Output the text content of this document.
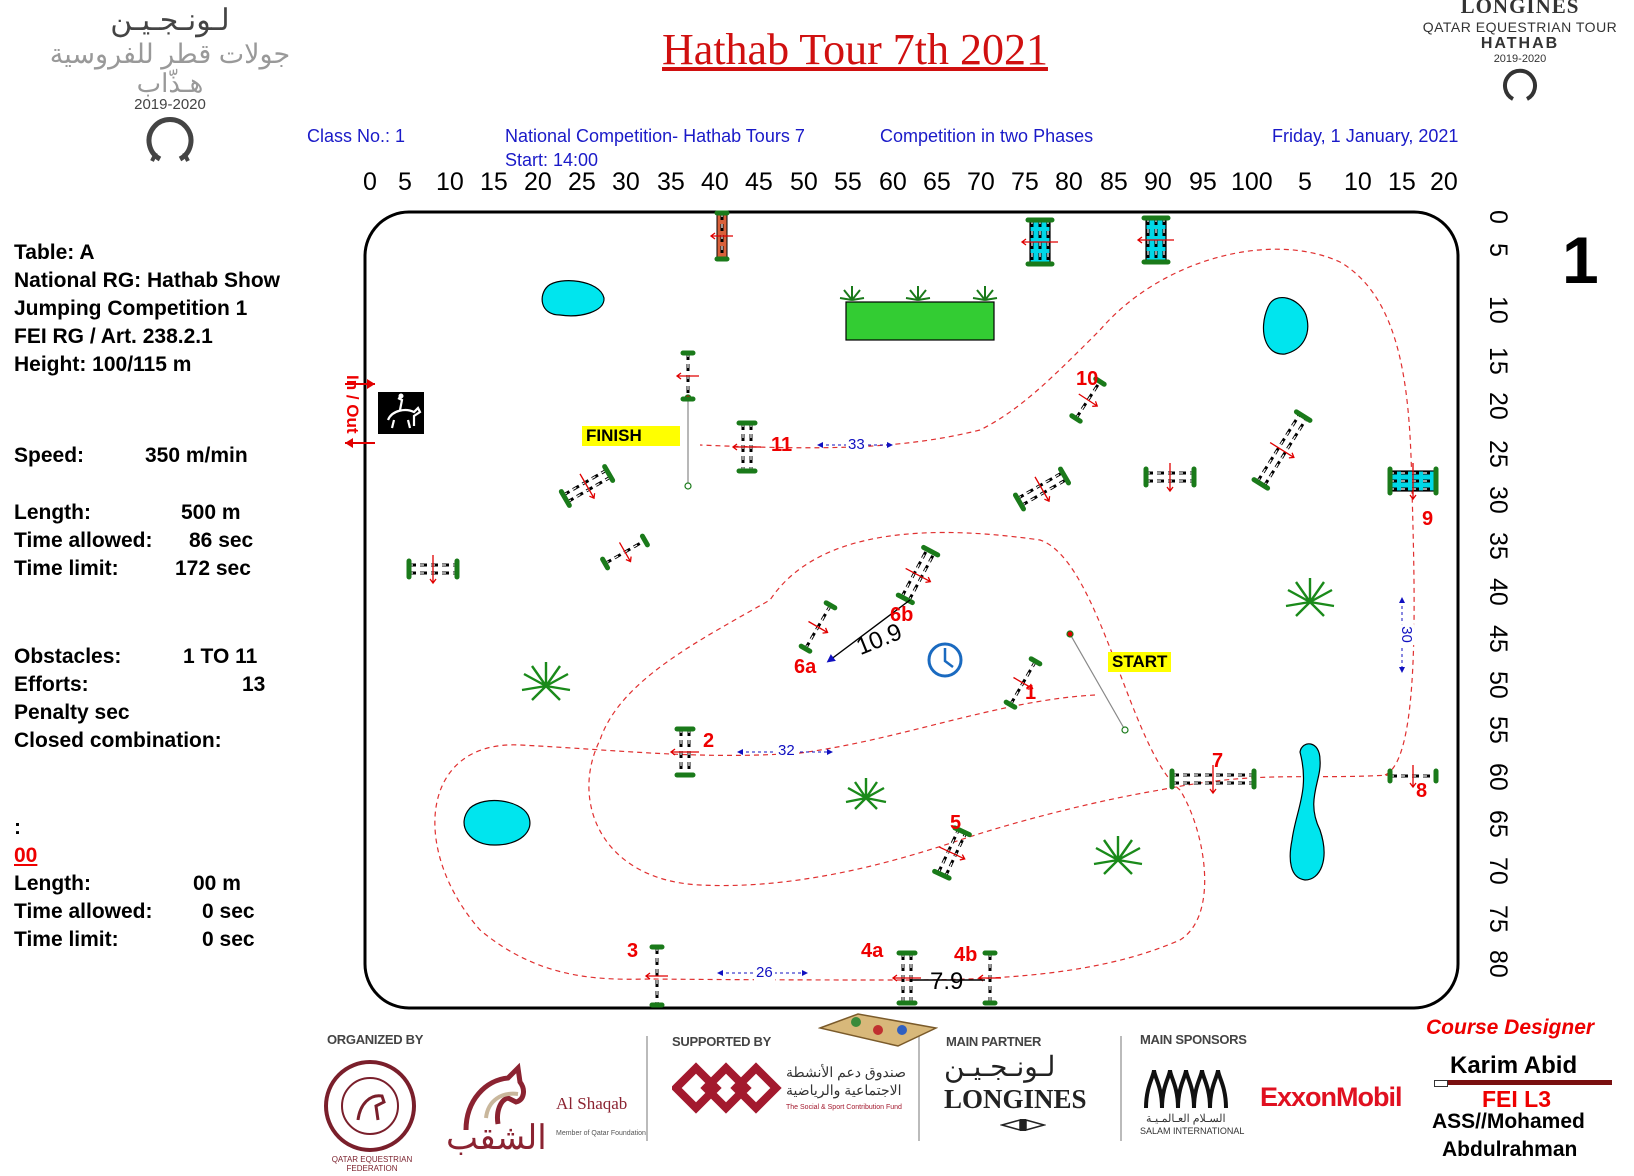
Hathab Tour 7th 2021
Class No.: 1	National Competition- Hathab Tours 7
Start: 14:00
Competition in two Phases	Friday, 1 January, 2021
1
لـونـجـيـن
جولات قطر للفروسية
هـذّاب
2019-2020
LONGINES
QATAR EQUESTRIAN TOUR
HATHAB
2019-2020
0 5 10 15 20 25 30 35 40 45 50 55 60 65 70 75 80 85 90 95 100 5 10 15 20
0
5
10
15
20
25
30
35
40
45
50
55
60
65
70
75
80
Table: A
National RG: Hathab Show
Jumping Competition 1
FEI RG / Art. 238.2.1
Height: 100/115 m
Speed:	350 m/min
Length:	500 m
Time allowed: 86 sec
Time limit:	172 sec
Obstacles:	1 TO 11
Efforts:	13
Penalty sec
Closed combination:
:
00
Length:	00 m
Time allowed: 0 sec
Time limit:	0 sec
In / Out
FINISH
START
1
2
3	4a	4b
5
6a
6b
7
8
9
10
11	33
32
26
30
10.9
7.9
ORGANIZED BY
QATAR EQUESTRIAN FEDERATION
الشقب
Al Shaqab
Member of Qatar Foundation
SUPPORTED BY
صندوق دعم الأنشطة
الاجتماعية والرياضية
The Social & Sport Contribution Fund
MAIN PARTNER
لـونـجـيـن
LONGINES
MAIN SPONSORS
السـلام العـالمـيـة
SALAM INTERNATIONAL
ExxonMobil
Course Designer
Karim Abid
FEI L3
ASS//Mohamed
Abdulrahman
